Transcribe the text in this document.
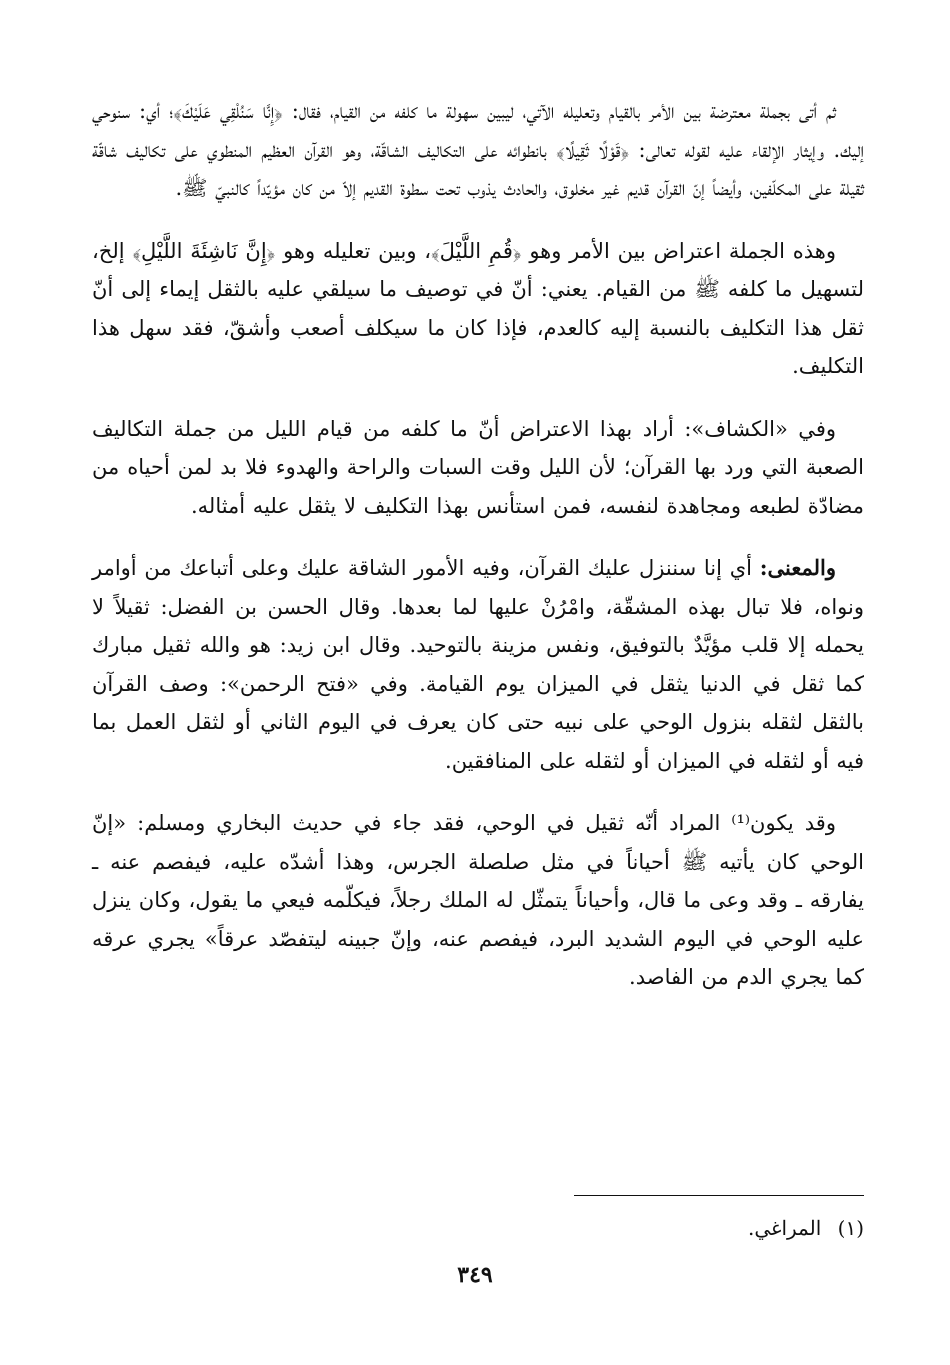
ثم أتى بجملة معترضة بين الأمر بالقيام وتعليله الآتي، ليبين سهولة ما كلفه من القيام، فقال: ﴿إِنَّا سَنُلْقِي عَلَيْكَ﴾؛ أي: سنوحي إليك. وإيثار الإلقاء عليه لقوله تعالى: ﴿قَوْلًا ثَقِيلًا﴾ بانطوائه على التكاليف الشاقّة، وهو القرآن العظيم المنطوي على تكاليف شاقّة ثقيلة على المكلّفين، وأيضاً إنّ القرآن قديم غير مخلوق، والحادث يذوب تحت سطوة القديم إلاّ من كان مؤيّداً كالنبيّ ﷺ.

وهذه الجملة اعتراض بين الأمر وهو ﴿قُمِ اللَّيْلَ﴾، وبين تعليله وهو ﴿إِنَّ نَاشِئَةَ اللَّيْلِ﴾ إلخ، لتسهيل ما كلفه ﷺ من القيام. يعني: أنّ في توصيف ما سيلقي عليه بالثقل إيماء إلى أنّ ثقل هذا التكليف بالنسبة إليه كالعدم، فإذا كان ما سيكلف أصعب وأشقّ، فقد سهل هذا التكليف.

وفي «الكشاف»: أراد بهذا الاعتراض أنّ ما كلفه من قيام الليل من جملة التكاليف الصعبة التي ورد بها القرآن؛ لأن الليل وقت السبات والراحة والهدوء فلا بد لمن أحياه من مضادّة لطبعه ومجاهدة لنفسه، فمن استأنس بهذا التكليف لا يثقل عليه أمثاله.

والمعنى: أي إنا سننزل عليك القرآن، وفيه الأمور الشاقة عليك وعلى أتباعك من أوامر ونواه، فلا تبال بهذه المشقّة، وامْرُنْ عليها لما بعدها. وقال الحسن بن الفضل: ثقيلاً لا يحمله إلا قلب مؤيَّدٌ بالتوفيق، ونفس مزينة بالتوحيد. وقال ابن زيد: هو والله ثقيل مبارك كما ثقل في الدنيا يثقل في الميزان يوم القيامة. وفي «فتح الرحمن»: وصف القرآن بالثقل لثقله بنزول الوحي على نبيه حتى كان يعرف في اليوم الثاني أو لثقل العمل بما فيه أو لثقله في الميزان أو لثقله على المنافقين.

وقد يكون⁽¹⁾ المراد أنّه ثقيل في الوحي، فقد جاء في حديث البخاري ومسلم: «إنّ الوحي كان يأتيه ﷺ أحياناً في مثل صلصلة الجرس، وهذا أشدّه عليه، فيفصم عنه ـ يفارقه ـ وقد وعى ما قال، وأحياناً يتمثّل له الملك رجلاً، فيكلّمه فيعي ما يقول، وكان ينزل عليه الوحي في اليوم الشديد البرد، فيفصم عنه، وإنّ جبينه ليتفصّد عرقاً» يجري عرقه كما يجري الدم من الفاصد.

(١) المراغي.
٣٤٩
